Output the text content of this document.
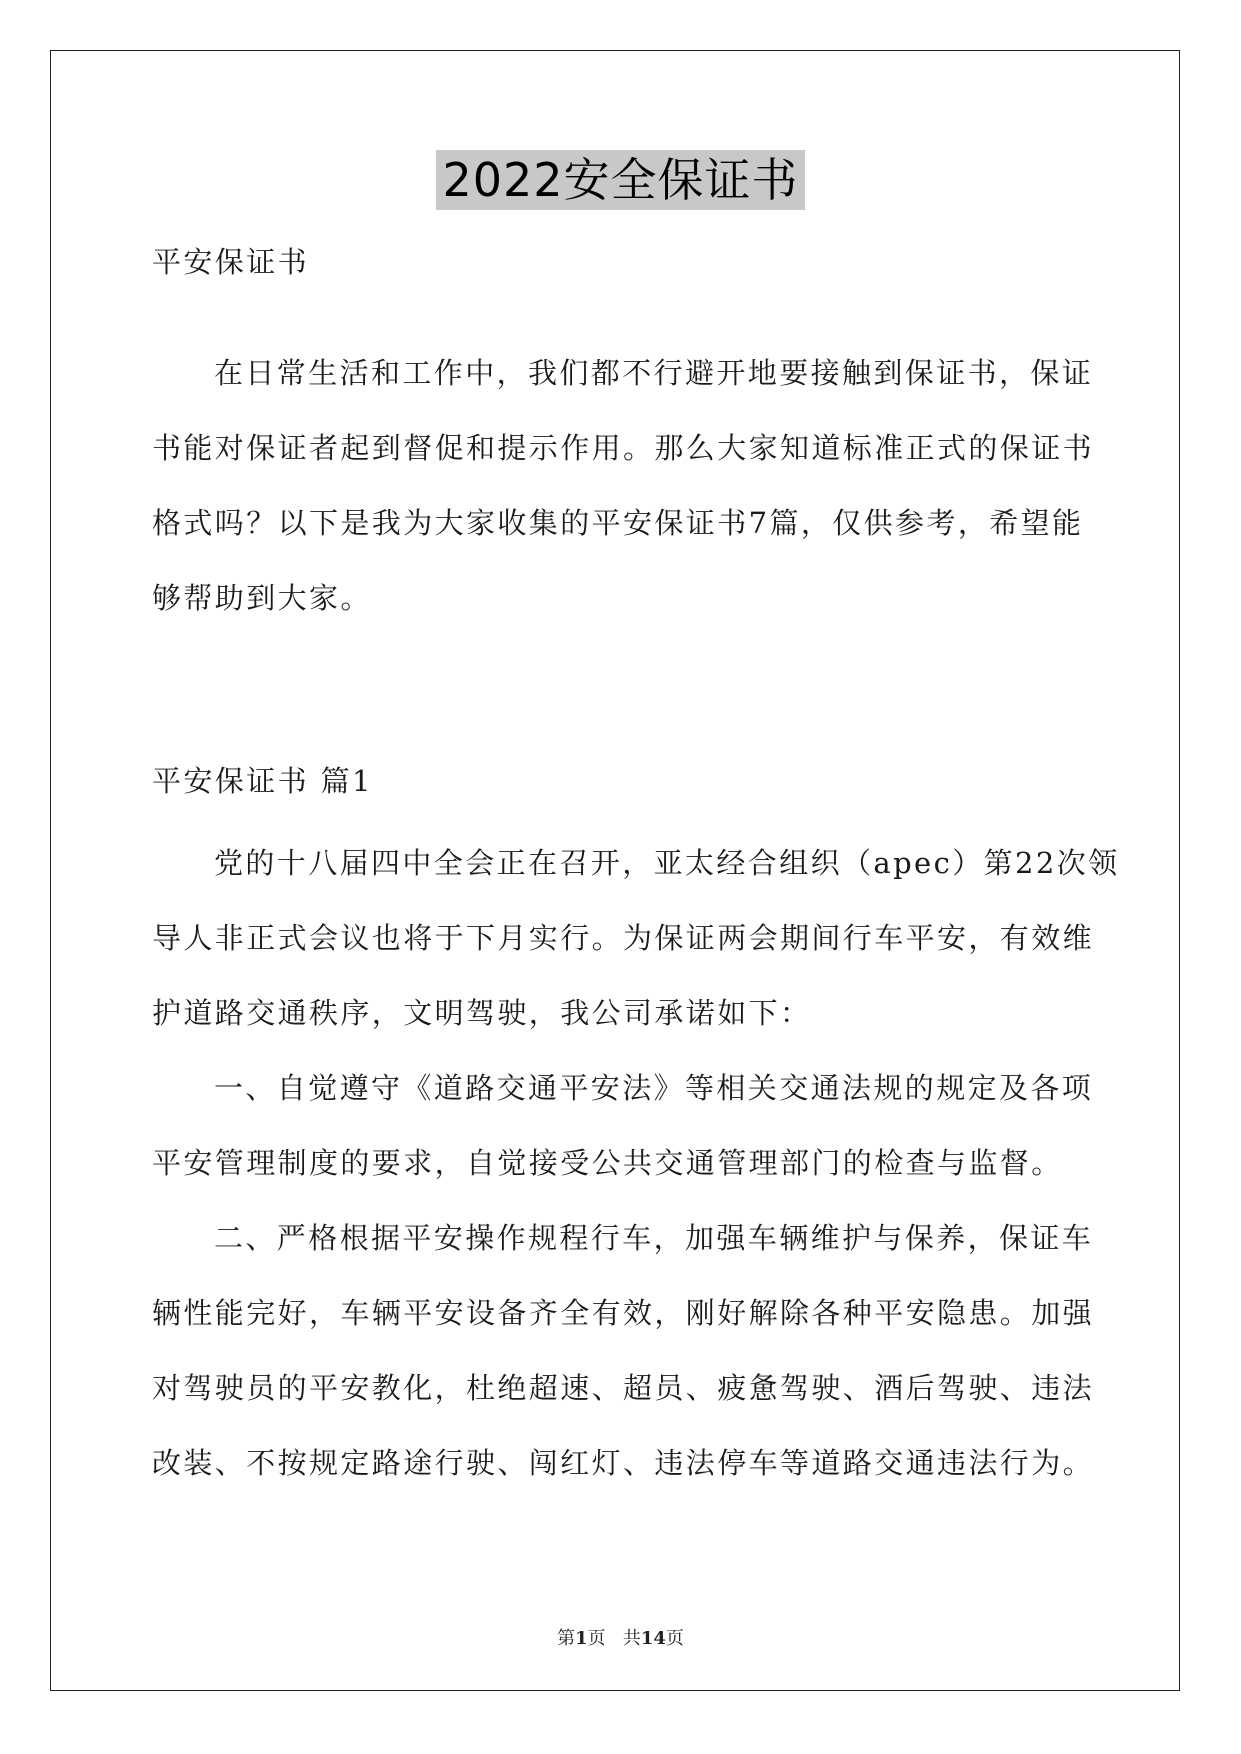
2022安全保证书
平安保证书
在日常生活和工作中，我们都不行避开地要接触到保证书，保证
书能对保证者起到督促和提示作用。那么大家知道标准正式的保证书
格式吗？以下是我为大家收集的平安保证书7篇，仅供参考，希望能
够帮助到大家。
平安保证书 篇1
党的十八届四中全会正在召开，亚太经合组织（apec）第22次领
导人非正式会议也将于下月实行。为保证两会期间行车平安，有效维
护道路交通秩序，文明驾驶，我公司承诺如下：
一、自觉遵守《道路交通平安法》等相关交通法规的规定及各项
平安管理制度的要求，自觉接受公共交通管理部门的检查与监督。
二、严格根据平安操作规程行车，加强车辆维护与保养，保证车
辆性能完好，车辆平安设备齐全有效，刚好解除各种平安隐患。加强
对驾驶员的平安教化，杜绝超速、超员、疲惫驾驶、酒后驾驶、违法
改装、不按规定路途行驶、闯红灯、违法停车等道路交通违法行为。
第1页 共14页
